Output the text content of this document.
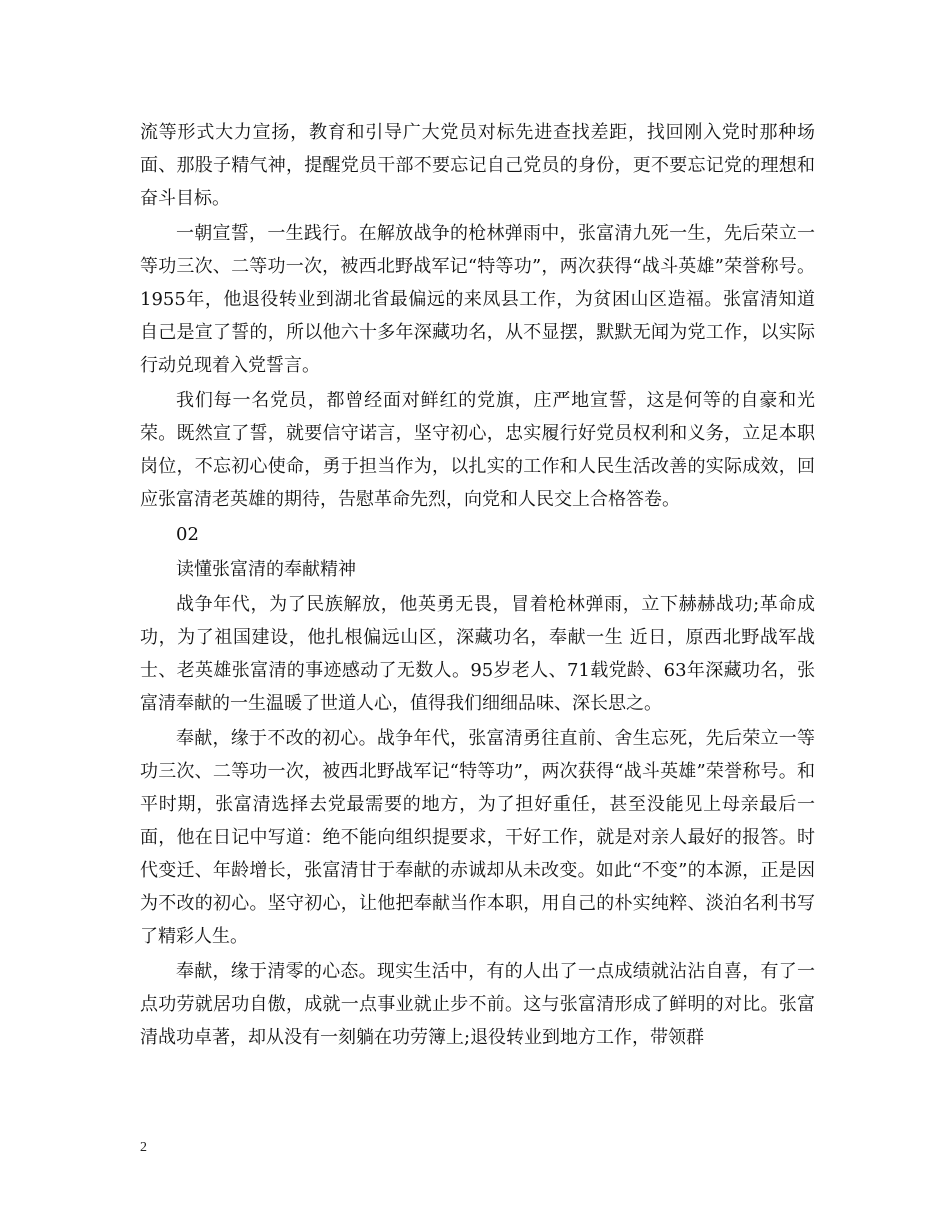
流等形式大力宣扬，教育和引导广大党员对标先进查找差距，找回刚入党时那种场面、那股子精气神，提醒党员干部不要忘记自己党员的身份，更不要忘记党的理想和奋斗目标。

一朝宣誓，一生践行。在解放战争的枪林弹雨中，张富清九死一生，先后荣立一等功三次、二等功一次，被西北野战军记“特等功”，两次获得“战斗英雄”荣誉称号。1955年，他退役转业到湖北省最偏远的来凤县工作，为贫困山区造福。张富清知道自己是宣了誓的，所以他六十多年深藏功名，从不显摆，默默无闻为党工作，以实际行动兑现着入党誓言。

我们每一名党员，都曾经面对鲜红的党旗，庄严地宣誓，这是何等的自豪和光荣。既然宣了誓，就要信守诺言，坚守初心，忠实履行好党员权利和义务，立足本职岗位，不忘初心使命，勇于担当作为，以扎实的工作和人民生活改善的实际成效，回应张富清老英雄的期待，告慰革命先烈，向党和人民交上合格答卷。

02

读懂张富清的奉献精神

战争年代，为了民族解放，他英勇无畏，冒着枪林弹雨，立下赫赫战功;革命成功，为了祖国建设，他扎根偏远山区，深藏功名，奉献一生 近日，原西北野战军战士、老英雄张富清的事迹感动了无数人。95岁老人、71载党龄、63年深藏功名，张富清奉献的一生温暖了世道人心，值得我们细细品味、深长思之。

奉献，缘于不改的初心。战争年代，张富清勇往直前、舍生忘死，先后荣立一等功三次、二等功一次，被西北野战军记“特等功”，两次获得“战斗英雄”荣誉称号。和平时期，张富清选择去党最需要的地方，为了担好重任，甚至没能见上母亲最后一面，他在日记中写道：绝不能向组织提要求，干好工作，就是对亲人最好的报答。时代变迁、年龄增长，张富清甘于奉献的赤诚却从未改变。如此“不变”的本源，正是因为不改的初心。坚守初心，让他把奉献当作本职，用自己的朴实纯粹、淡泊名利书写了精彩人生。

奉献，缘于清零的心态。现实生活中，有的人出了一点成绩就沾沾自喜，有了一点功劳就居功自傲，成就一点事业就止步不前。这与张富清形成了鲜明的对比。张富清战功卓著，却从没有一刻躺在功劳簿上;退役转业到地方工作，带领群

2
